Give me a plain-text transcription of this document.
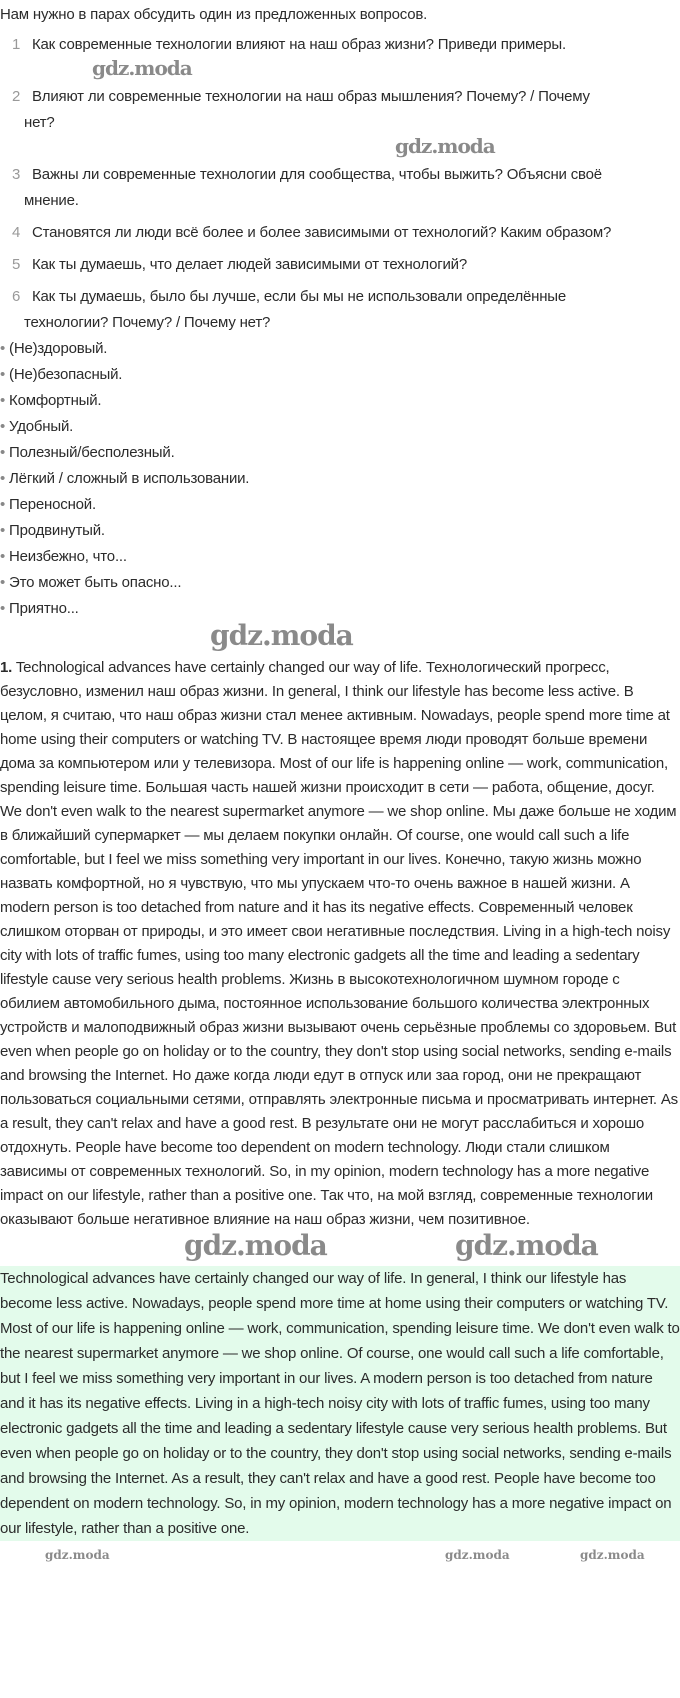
Нам нужно в парах обсудить один из предложенных вопросов.
1 Как современные технологии влияют на наш образ жизни? Приведи примеры.
gdz.moda
2 Влияют ли современные технологии на наш образ мышления? Почему? / Почему
нет?
gdz.moda
3 Важны ли современные технологии для сообщества, чтобы выжить? Объясни своё
мнение.
4 Становятся ли люди всё более и более зависимыми от технологий? Каким образом?
5 Как ты думаешь, что делает людей зависимыми от технологий?
6 Как ты думаешь, было бы лучше, если бы мы не использовали определённые
технологии? Почему? / Почему нет?
• (Не)здоровый.
• (Не)безопасный.
• Комфортный.
• Удобный.
• Полезный/бесполезный.
• Лёгкий / сложный в использовании.
• Переносной.
• Продвинутый.
• Неизбежно, что...
• Это может быть опасно...
• Приятно...
gdz.moda
1. Technological advances have certainly changed our way of life. Технологический прогресс, безусловно, изменил наш образ жизни. In general, I think our lifestyle has become less active. В целом, я считаю, что наш образ жизни стал менее активным. Nowadays, people spend more time at home using their computers or watching TV. В настоящее время люди проводят больше времени дома за компьютером или у телевизора. Most of our life is happening online — work, communication, spending leisure time. Большая часть нашей жизни происходит в сети — работа, общение, досуг. We don't even walk to the nearest supermarket anymore — we shop online. Мы даже больше не ходим в ближайший супермаркет — мы делаем покупки онлайн. Of course, one would call such a life comfortable, but I feel we miss something very important in our lives. Конечно, такую жизнь можно назвать комфортной, но я чувствую, что мы упускаем что-то очень важное в нашей жизни. A modern person is too detached from nature and it has its negative effects. Современный человек слишком оторван от природы, и это имеет свои негативные последствия. Living in a high-tech noisy city with lots of traffic fumes, using too many electronic gadgets all the time and leading a sedentary lifestyle cause very serious health problems. Жизнь в высокотехнологичном шумном городе с обилием автомобильного дыма, постоянное использование большого количества электронных устройств и малоподвижный образ жизни вызывают очень серьёзные проблемы со здоровьем. But even when people go on holiday or to the country, they don't stop using social networks, sending e-mails and browsing the Internet. Но даже когда люди едут в отпуск или заа город, они не прекращают пользоваться социальными сетями, отправлять электронные письма и просматривать интернет. As a result, they can't relax and have a good rest. В результате они не могут расслабиться и хорошо отдохнуть. People have become too dependent on modern technology. Люди стали слишком зависимы от современных технологий. So, in my opinion, modern technology has a more negative impact on our lifestyle, rather than a positive one. Так что, на мой взгляд, современные технологии оказывают больше негативное влияние на наш образ жизни, чем позитивное.
gdz.moda	gdz.moda
Technological advances have certainly changed our way of life. In general, I think our lifestyle has become less active. Nowadays, people spend more time at home using their computers or watching TV. Most of our life is happening online — work, communication, spending leisure time. We don't even walk to the nearest supermarket anymore — we shop online. Of course, one would call such a life comfortable, but I feel we miss something very important in our lives. A modern person is too detached from nature and it has its negative effects. Living in a high-tech noisy city with lots of traffic fumes, using too many electronic gadgets all the time and leading a sedentary lifestyle cause very serious health problems. But even when people go on holiday or to the country, they don't stop using social networks, sending e-mails and browsing the Internet. As a result, they can't relax and have a good rest. People have become too dependent on modern technology. So, in my opinion, modern technology has a more negative impact on our lifestyle, rather than a positive one.
gdz.moda	gdz.moda	gdz.moda
